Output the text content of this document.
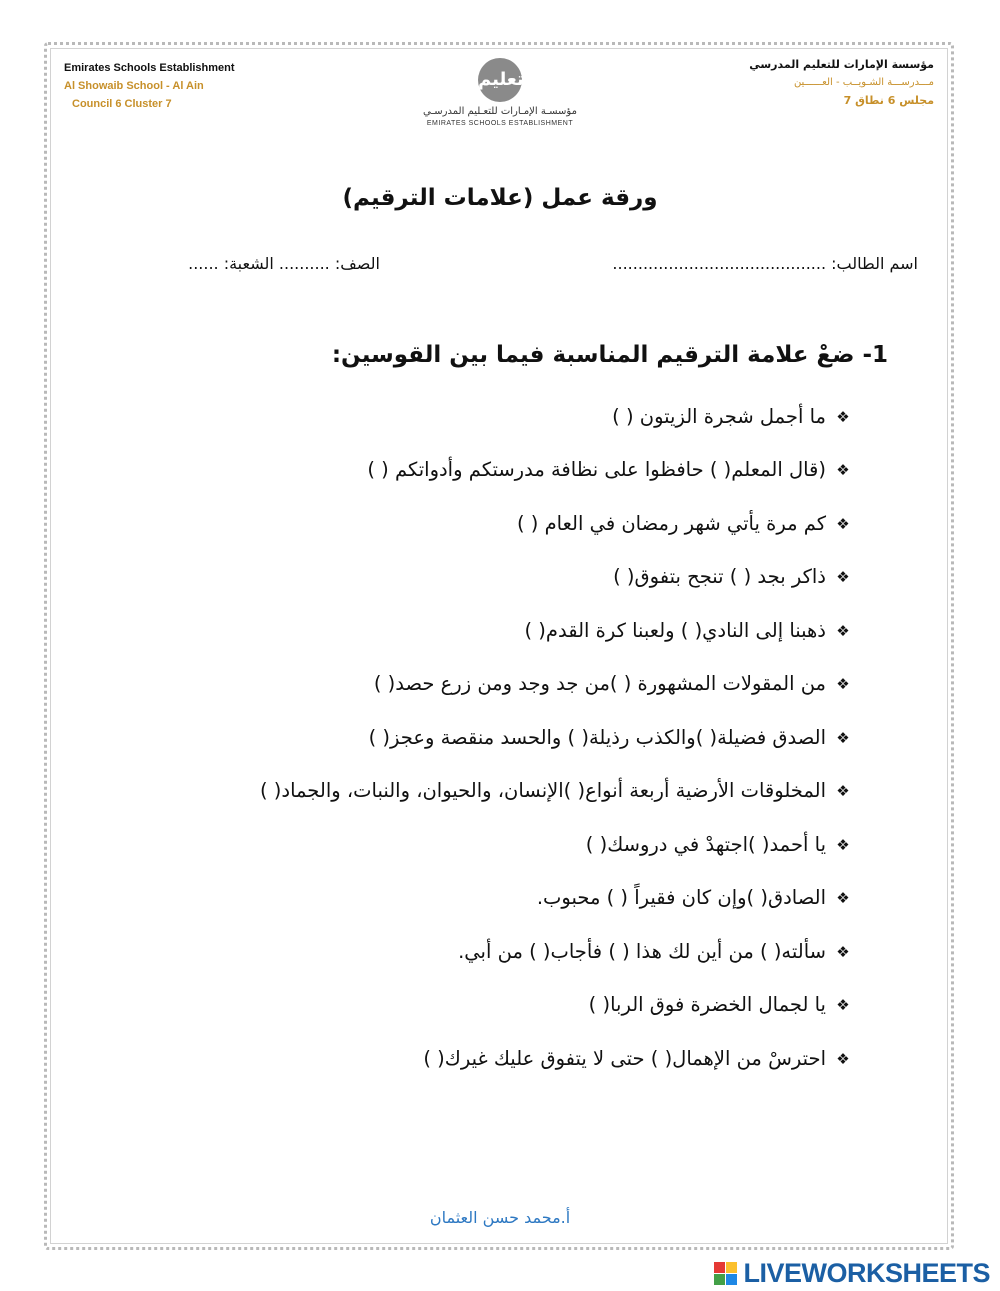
Emirates Schools Establishment
Al Showaib School - Al Ain
Council 6 Cluster 7
تعليم
مؤسسـة الإمـارات للتعـليم المدرسـي
EMIRATES SCHOOLS ESTABLISHMENT
مؤسسة الإمارات للتعليم المدرسي
مـــدرســـة الشـويــب - العــــــين
مجلس 6 نطاق 7
ورقة عمل (علامات الترقيم)
اسم الطالب: ..........................................
الصف: .......... الشعبة: ......
1- ضعْ علامة الترقيم المناسبة فيما بين القوسين:
❖
ما أجمل شجرة الزيتون ( )
❖
(قال المعلم( ) حافظوا على نظافة مدرستكم وأدواتكم ( )
❖
كم مرة يأتي شهر رمضان في العام ( )
❖
ذاكر بجد ( ) تنجح بتفوق( )
❖
ذهبنا إلى النادي( ) ولعبنا كرة القدم( )
❖
من المقولات المشهورة ( )من جد وجد ومن زرع حصد( )
❖
الصدق فضيلة( )والكذب رذيلة( ) والحسد منقصة وعجز( )
❖
المخلوقات الأرضية أربعة أنواع( )الإنسان، والحيوان، والنبات، والجماد( )
❖
يا أحمد( )اجتهدْ في دروسك( )
❖
الصادق( )وإن كان فقيراً ( ) محبوب.
❖
سألته( ) من أين لك هذا ( ) فأجاب( ) من أبي.
❖
يا لجمال الخضرة فوق الربا( )
❖
احترسْ من الإهمال( ) حتى لا يتفوق عليك غيرك( )
أ.محمد حسن العثمان
LIVEWORKSHEETS
